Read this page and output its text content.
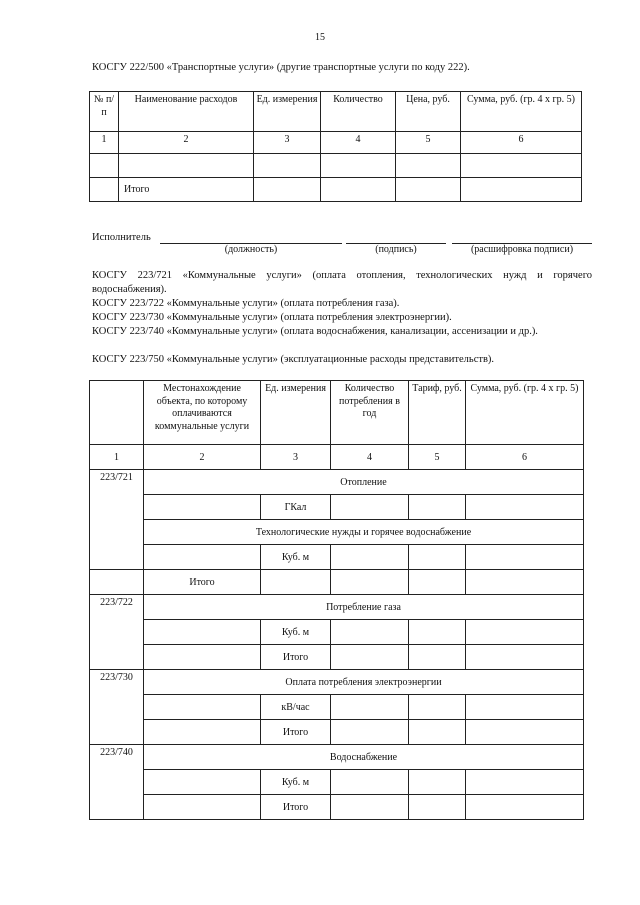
15
КОСГУ 222/500 «Транспортные услуги» (другие транспортные услуги по коду 222).
№ п/п	Наименование расходов	Ед. измерения	Количество	Цена, руб.	Сумма, руб. (гр. 4 х гр. 5)
1	2	3	4	5	6

	Итого				
Исполнитель
(должность)	(подпись)	(расшифровка подписи)
КОСГУ 223/721 «Коммунальные услуги» (оплата отопления, технологических нужд и горячего водоснабжения).
КОСГУ 223/722 «Коммунальные услуги» (оплата потребления газа).
КОСГУ 223/730 «Коммунальные услуги» (оплата потребления электроэнергии).
КОСГУ 223/740 «Коммунальные услуги» (оплата водоснабжения, канализации, ассенизации и др.).
КОСГУ 223/750 «Коммунальные услуги» (эксплуатационные расходы представительств).
	Местонахождение объекта, по которому оплачиваются коммунальные услуги	Ед. измерения	Количество потребления в год	Тариф, руб.	Сумма, руб. (гр. 4 х гр. 5)
1	2	3	4	5	6
223/721	Отопление				
		ГКал			
	Технологические нужды и горячее водоснабжение				
		Куб. м			
	Итого				
223/722	Потребление газа				
		Куб. м			
		Итого			
223/730	Оплата потребления электроэнергии				
		кВ/час			
		Итого			
223/740	Водоснабжение				
		Куб. м			
		Итого			
